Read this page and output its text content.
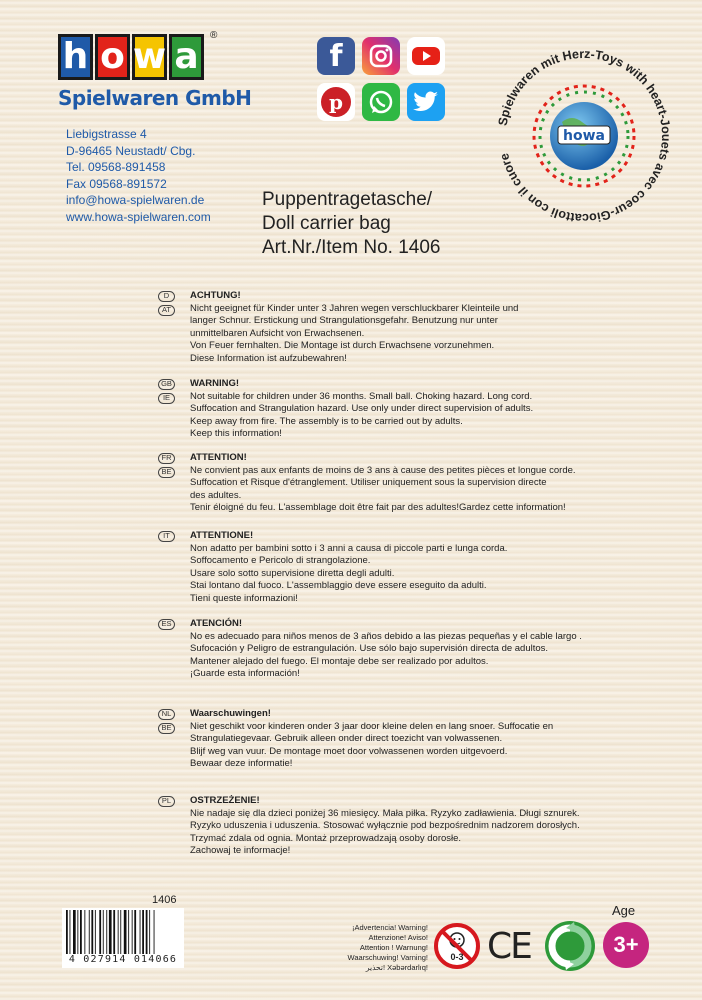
h o w a
®
Spielwaren GmbH
Liebigstrasse 4
D-96465 Neustadt/ Cbg.
Tel. 09568-891458
Fax 09568-891572
info@howa-spielwaren.de
www.howa-spielwaren.com
f
p
Spielwaren mit Herz-Toys with heart-Jouets avec coeur-Giocattoli con il cuore
howa
Puppentragetasche/
Doll carrier bag
Art.Nr./Item No. 1406
D
AT
ACHTUNG!
Nicht geeignet für Kinder unter 3 Jahren wegen verschluckbarer Kleinteile und
langer Schnur. Erstickung und Strangulationsgefahr. Benutzung nur unter
unmittelbaren Aufsicht von Erwachsenen.
Von Feuer fernhalten. Die Montage ist durch Erwachsene vorzunehmen.
Diese Information ist aufzubewahren!
GB
IE
WARNING!
Not suitable for children under 36 months. Small ball. Choking hazard. Long cord.
Suffocation and Strangulation hazard. Use only under direct supervision of adults.
Keep away from fire. The assembly is to be carried out by adults.
Keep this information!
FR
BE
ATTENTION!
Ne convient pas aux enfants de moins de 3 ans à cause des petites pièces et longue corde.
Suffocation et Risque d'étranglement. Utiliser uniquement sous la supervision directe
des adultes.
Tenir éloigné du feu. L'assemblage doit être fait par des adultes!Gardez cette information!
IT	ATTENTIONE!
Non adatto per bambini sotto i 3 anni a causa di piccole parti e lunga corda.
Soffocamento e Pericolo di strangolazione.
Usare solo sotto supervisione diretta degli adulti.
Stai lontano dal fuoco. L'assemblaggio deve essere eseguito da adulti.
Tieni queste informazioni!
ES	ATENCIÓN!
No es adecuado para niños menos de 3 años debido a las piezas pequeñas y el cable largo .
Sufocación y Peligro de estrangulación. Use sólo bajo supervisión directa de adultos.
Mantener alejado del fuego. El montaje debe ser realizado por adultos.
¡Guarde esta información!
NL
BE
Waarschuwingen!
Niet geschikt voor kinderen onder 3 jaar door kleine delen en lang snoer. Suffocatie en
Strangulatiegevaar. Gebruik alleen onder direct toezicht van volwassenen.
Blijf weg van vuur. De montage moet door volwassenen worden uitgevoerd.
Bewaar deze informatie!
PL	OSTRZEŻENIE!
Nie nadaje się dla dzieci poniżej 36 miesięcy. Mała piłka. Ryzyko zadławienia. Długi sznurek.
Ryzyko uduszenia i uduszenia. Stosować wyłącznie pod bezpośrednim nadzorem dorosłych.
Trzymać zdala od ognia. Montaż przeprowadzają osoby dorosłe.
Zachowaj te informacje!
1406
4 027914 014066
¡Advertencia! Warning!
Attenzione! Aviso!
Attention ! Warnung!
Waarschuwing! Varning!
تحذير! Xəbərdarlıq!
0-3 CE
Age
3+
